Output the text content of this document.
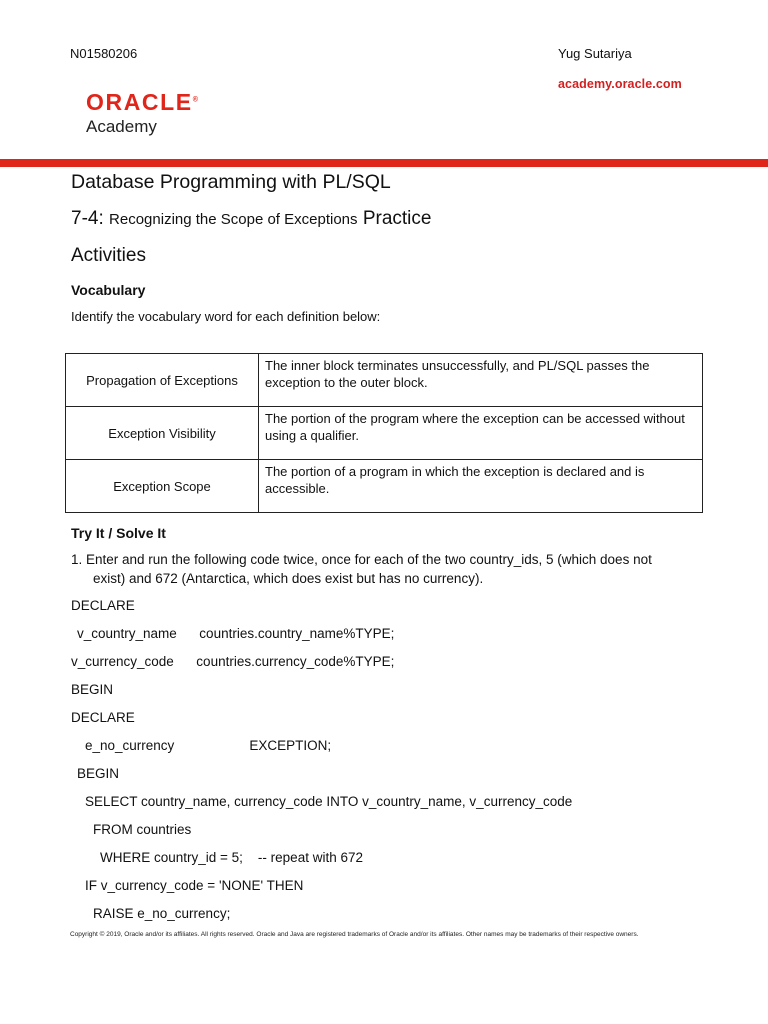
N01580206	Yug Sutariya
academy.oracle.com
ORACLE®
Academy
Database Programming with PL/SQL
7-4: Recognizing the Scope of Exceptions Practice
Activities
Vocabulary
Identify the vocabulary word for each definition below:
Propagation of Exceptions	The inner block terminates unsuccessfully, and PL/SQL passes the exception to the outer block.
Exception Visibility	The portion of the program where the exception can be accessed without using a qualifier.
Exception Scope	The portion of a program in which the exception is declared and is accessible.
Try It / Solve It
1. Enter and run the following code twice, once for each of the two country_ids, 5 (which does not
exist) and 672 (Antarctica, which does exist but has no currency).
DECLARE
v_country_name      countries.country_name%TYPE;
v_currency_code      countries.currency_code%TYPE;
BEGIN
DECLARE
e_no_currency                    EXCEPTION;
BEGIN
SELECT country_name, currency_code INTO v_country_name, v_currency_code
FROM countries
WHERE country_id = 5;    -- repeat with 672
IF v_currency_code = 'NONE' THEN
RAISE e_no_currency;
Copyright © 2019, Oracle and/or its affiliates. All rights reserved. Oracle and Java are registered trademarks of Oracle and/or its affiliates. Other names may be trademarks of their respective owners.
